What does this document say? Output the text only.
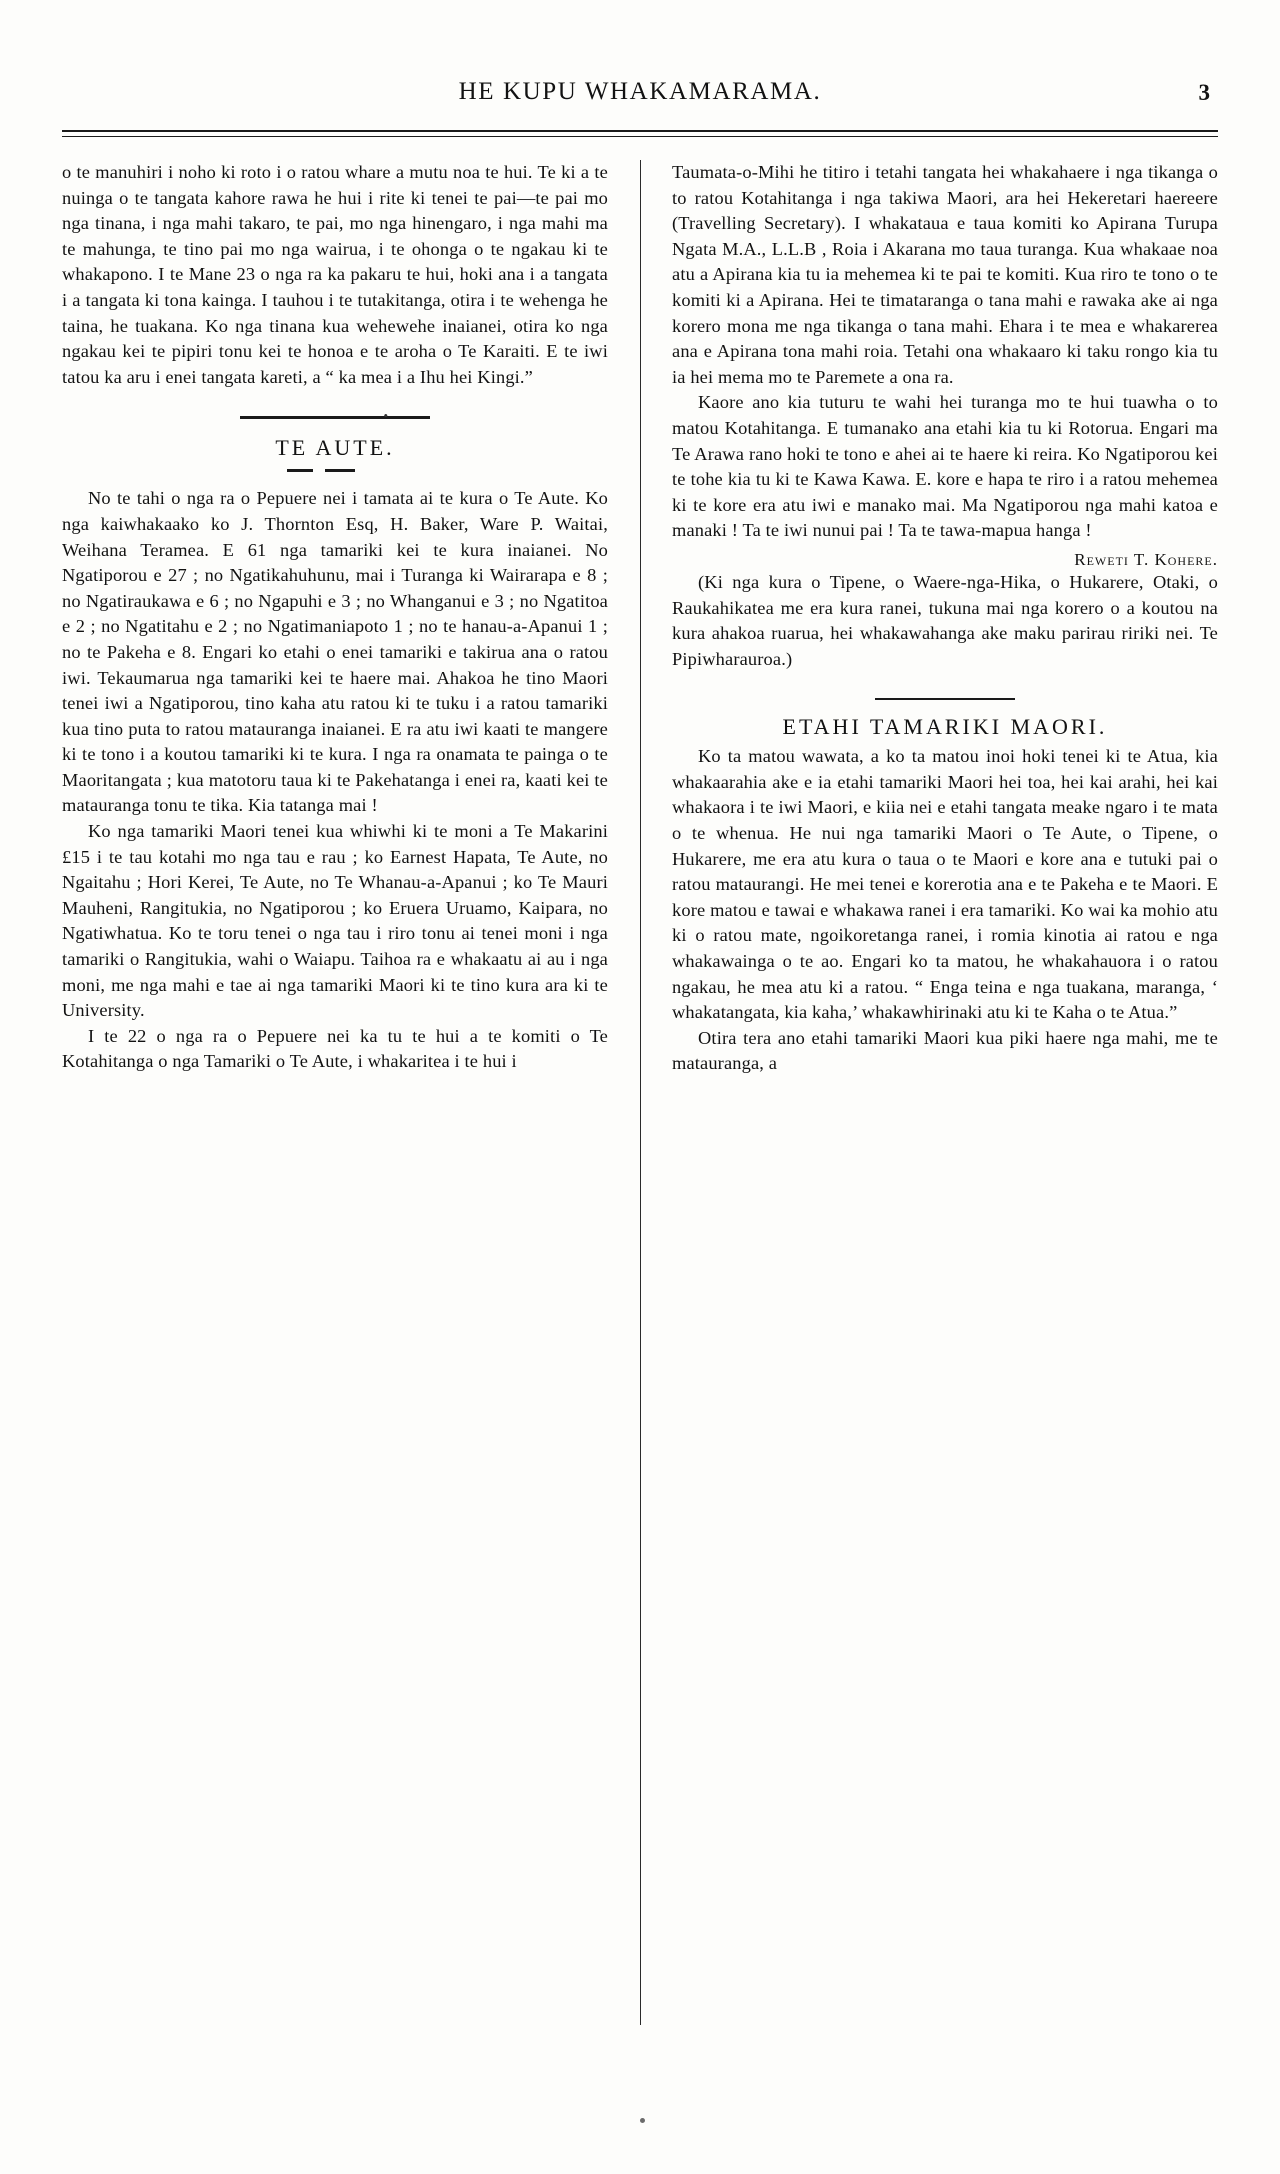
HE KUPU WHAKAMARAMA.	3

o te manuhiri i noho ki roto i o ratou whare a mutu noa te hui. Te ki a te nuinga o te tangata kahore rawa he hui i rite ki tenei te pai—te pai mo nga tinana, i nga mahi takaro, te pai, mo nga hinengaro, i nga mahi ma te mahunga, te tino pai mo nga wairua, i te ohonga o te ngakau ki te whakapono. I te Mane 23 o nga ra ka pakaru te hui, hoki ana i a tangata i a tangata ki tona kainga. I tauhou i te tutakitanga, otira i te wehenga he taina, he tuakana. Ko nga tinana kua wehewehe inaianei, otira ko nga ngakau kei te pipiri tonu kei te honoa e te aroha o Te Karaiti. E te iwi tatou ka aru i enei tangata kareti, a “ ka mea i a Ihu hei Kingi.”

•
TE AUTE.

No te tahi o nga ra o Pepuere nei i tamata ai te kura o Te Aute. Ko nga kaiwhakaako ko J. Thornton Esq, H. Baker, Ware P. Waitai, Weihana Teramea. E 61 nga tamariki kei te kura inaianei. No Ngatiporou e 27 ; no Ngatikahuhunu, mai i Turanga ki Wairarapa e 8 ; no Ngatiraukawa e 6 ; no Ngapuhi e 3 ; no Whanganui e 3 ; no Ngatitoa e 2 ; no Ngatitahu e 2 ; no Ngatimaniapoto 1 ; no te hanau-a-Apanui 1 ; no te Pakeha e 8. Engari ko etahi o enei tamariki e takirua ana o ratou iwi. Tekaumarua nga tamariki kei te haere mai. Ahakoa he tino Maori tenei iwi a Ngatiporou, tino kaha atu ratou ki te tuku i a ratou tamariki kua tino puta to ratou matauranga inaianei. E ra atu iwi kaati te mangere ki te tono i a koutou tamariki ki te kura. I nga ra onamata te painga o te Maoritangata ; kua matotoru taua ki te Pakehatanga i enei ra, kaati kei te matauranga tonu te tika. Kia tatanga mai !

Ko nga tamariki Maori tenei kua whiwhi ki te moni a Te Makarini £15 i te tau kotahi mo nga tau e rau ; ko Earnest Hapata, Te Aute, no Ngaitahu ; Hori Kerei, Te Aute, no Te Whanau-a-Apanui ; ko Te Mauri Mauheni, Rangitukia, no Ngatiporou ; ko Eruera Uruamo, Kaipara, no Ngatiwhatua. Ko te toru tenei o nga tau i riro tonu ai tenei moni i nga tamariki o Rangitukia, wahi o Waiapu. Taihoa ra e whakaatu ai au i nga moni, me nga mahi e tae ai nga tamariki Maori ki te tino kura ara ki te University.

I te 22 o nga ra o Pepuere nei ka tu te hui a te komiti o Te Kotahitanga o nga Tamariki o Te Aute, i whakaritea i te hui i

Taumata-o-Mihi he titiro i tetahi tangata hei whakahaere i nga tikanga o to ratou Kotahitanga i nga takiwa Maori, ara hei Hekeretari haereere (Travelling Secretary). I whakataua e taua komiti ko Apirana Turupa Ngata M.A., L.L.B , Roia i Akarana mo taua turanga. Kua whakaae noa atu a Apirana kia tu ia mehemea ki te pai te komiti. Kua riro te tono o te komiti ki a Apirana. Hei te timataranga o tana mahi e rawaka ake ai nga korero mona me nga tikanga o tana mahi. Ehara i te mea e whakarerea ana e Apirana tona mahi roia. Tetahi ona whakaaro ki taku rongo kia tu ia hei mema mo te Paremete a ona ra.

Kaore ano kia tuturu te wahi hei turanga mo te hui tuawha o to matou Kotahitanga. E tumanako ana etahi kia tu ki Rotorua. Engari ma Te Arawa rano hoki te tono e ahei ai te haere ki reira. Ko Ngatiporou kei te tohe kia tu ki te Kawa Kawa. E. kore e hapa te riro i a ratou mehemea ki te kore era atu iwi e manako mai. Ma Ngatiporou nga mahi katoa e manaki ! Ta te iwi nunui pai ! Ta te tawa-mapua hanga !

Reweti T. Kohere.

(Ki nga kura o Tipene, o Waere-nga-Hika, o Hukarere, Otaki, o Raukahikatea me era kura ranei, tukuna mai nga korero o a koutou na kura ahakoa ruarua, hei whakawahanga ake maku parirau ririki nei. Te Pipiwharauroa.)

ETAHI TAMARIKI MAORI.

Ko ta matou wawata, a ko ta matou inoi hoki tenei ki te Atua, kia whakaarahia ake e ia etahi tamariki Maori hei toa, hei kai arahi, hei kai whakaora i te iwi Maori, e kiia nei e etahi tangata meake ngaro i te mata o te whenua. He nui nga tamariki Maori o Te Aute, o Tipene, o Hukarere, me era atu kura o taua o te Maori e kore ana e tutuki pai o ratou mataurangi. He mei tenei e korerotia ana e te Pakeha e te Maori. E kore matou e tawai e whakawa ranei i era tamariki. Ko wai ka mohio atu ki o ratou mate, ngoikoretanga ranei, i romia kinotia ai ratou e nga whakawainga o te ao. Engari ko ta matou, he whakahauora i o ratou ngakau, he mea atu ki a ratou. “ Enga teina e nga tuakana, maranga, ‘ whakatangata, kia kaha,’ whakawhirinaki atu ki te Kaha o te Atua.”

Otira tera ano etahi tamariki Maori kua piki haere nga mahi, me te matauranga, a
